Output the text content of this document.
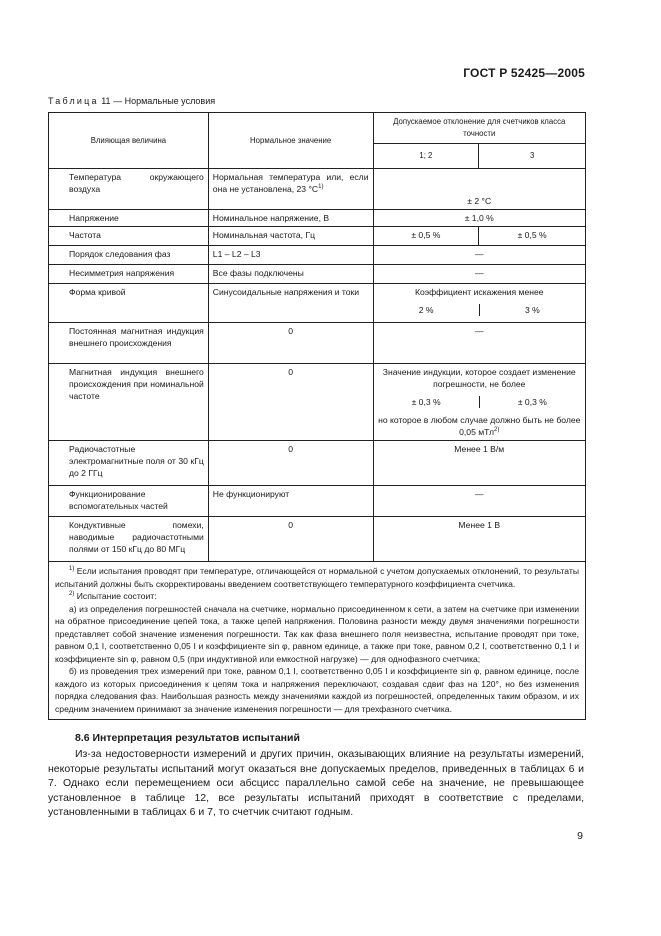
ГОСТ Р 52425—2005
Таблица 11 — Нормальные условия
Влияющая величина	Нормальное значение	Допускаемое отклонение для счетчиков класса точности	
		1; 2	3
Температура окружающего воздуха	Нормальная температура или, если она не установлена, 23 $^\circ С^{1)}$	± 2 °С	
Напряжение	Номинальное напряжение, В	± 1,0 %	
Частота	Номинальная частота, Гц	± 0,5 %	± 0,5 %
Порядок следования фаз	L1 – L2 – L3	—	
Несимметрия напряжения	Все фазы подключены	—	
Форма кривой	Синусоидальные напряжения и токи	Коэффициент искажения менее
2 % 3 %	

Постоянная магнитная индукция внешнего происхождения	0	—	
Магнитная индукция внешнего происхождения при номинальной частоте	0	Значение индукции, которое создает изменение погрешности, не более
± 0,3 % ± 0,3 %
но которое в любом случае должно быть не более 0,05 мТл$^{2)}$

Радиочастотные электромагнитные поля от 30 кГц до 2 ГГц	0	Менее 1 В/м	
Функционирование вспомогательных частей	Не функционируют	—	
Кондуктивные помехи, наводимые радиочастотными полями от 150 кГц до 80 МГц	0	Менее 1 В	

$^{1)}$ Если испытания проводят при температуре, отличающейся от нормальной с учетом допускаемых отклонений, то результаты испытаний должны быть скорректированы введением соответствующего температурного коэффициента счетчика.

$^{2)}$ Испытание состоит:

а) из определения погрешностей сначала на счетчике, нормально присоединенном к сети, а затем на счетчике при изменении на обратное присоединение цепей тока, а также цепей напряжения. Половина разности между двумя значениями погрешности представляет собой значение изменения погрешности. Так как фаза внешнего поля неизвестна, испытание проводят при токе, равном 0,1 I, соответственно 0,05 I и коэффициенте sin φ, равном единице, а также при токе, равном 0,2 I, соответственно 0,1 I и коэффициенте sin φ, равном 0,5 (при индуктивной или емкостной нагрузке) — для однофазного счетчика;

б) из проведения трех измерений при токе, равном 0,1 I, соответственно 0,05 I и коэффициенте sin φ, равном единице, после каждого из которых присоединения к цепям тока и напряжения переключают, создавая сдвиг фаз на 120°, но без изменения порядка следования фаз. Наибольшая разность между значениями каждой из погрешностей, определенных таким образом, и их средним значением принимают за значение изменения погрешности — для трехфазного счетчика.			

8.6 Интерпретация результатов испытаний

Из-за недостоверности измерений и других причин, оказывающих влияние на результаты измерений, некоторые результаты испытаний могут оказаться вне допускаемых пределов, приведенных в таблицах 6 и 7. Однако если перемещением оси абсцисс параллельно самой себе на значение, не превышающее установленное в таблице 12, все результаты испытаний приходят в соответствие с пределами, установленными в таблицах 6 и 7, то счетчик считают годным.

9
